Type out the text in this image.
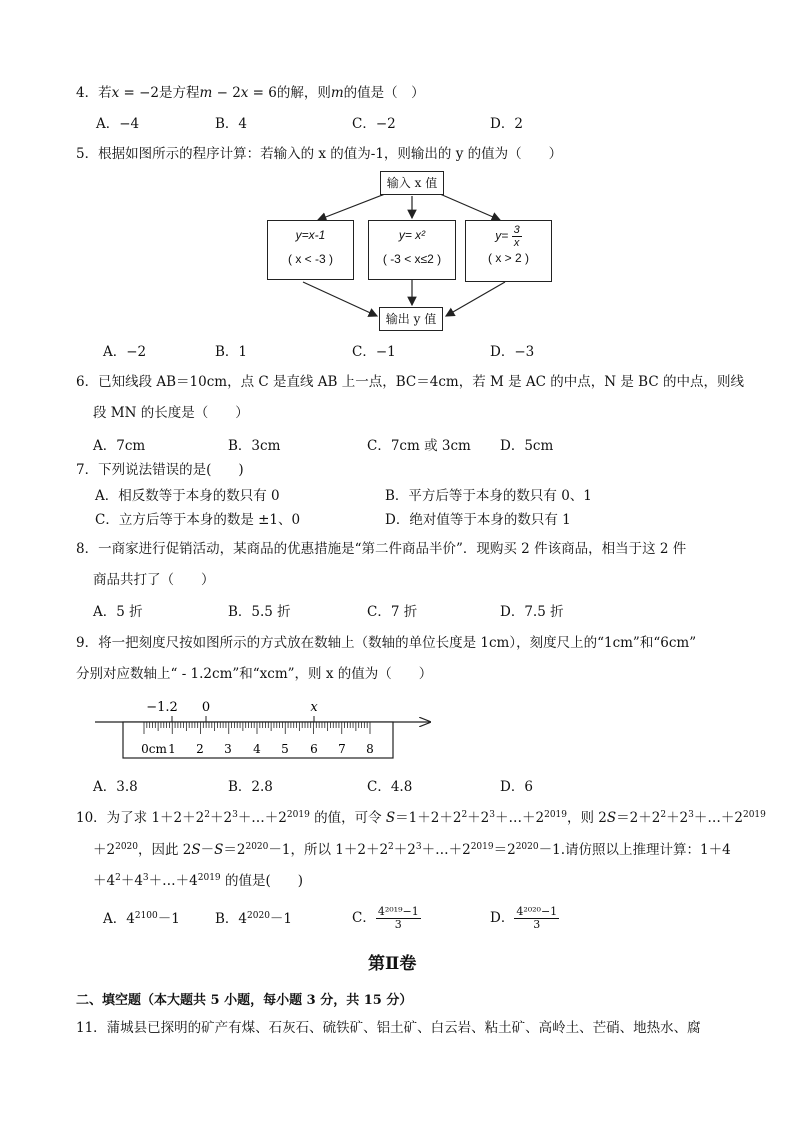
4．若𝑥 = −2是方程𝑚 − 2𝑥 = 6的解，则𝑚的值是（　）
A．−4	B．4	C．−2	D．2
5．根据如图所示的程序计算：若输入的 x 的值为-1，则输出的 y 的值为（　　）
输入 x 值
y=x-1
( x < -3 )
y= x²
( -3 < x≤2 )
$y= \frac{3}{x}$
( x > 2 )
输出 y 值
A．−2	B．1	C．−1	D．−3
6．已知线段 AB＝10cm，点 C 是直线 AB 上一点，BC＝4cm，若 M 是 AC 的中点，N 是 BC 的中点，则线
段 MN 的长度是（　　）
A．7cm	B．3cm	C．7cm 或 3cm D．5cm
7．下列说法错误的是(　　)
A．相反数等于本身的数只有 0	B．平方后等于本身的数只有 0、1
C．立方后等于本身的数是 ±1、0	D．绝对值等于本身的数只有 1
8．一商家进行促销活动，某商品的优惠措施是“第二件商品半价”．现购买 2 件该商品，相当于这 2 件
商品共打了（　　）
A．5 折	B．5.5 折	C．7 折	D．7.5 折
9．将一把刻度尺按如图所示的方式放在数轴上（数轴的单位长度是 1cm），刻度尺上的“1cm”和“6cm”
分别对应数轴上“ - 1.2cm”和“xcm”，则 x 的值为（　　）
−1.2 0	x
0cm 1 2 3 4 5 6 7 8
A．3.8	B．2.8	C．4.8	D．6
10．为了求 $1+2+2^2+2^3+\dots+2^{2019}$ 的值，可令 $S=1+2+2^2+2^3+\dots+2^{2019}$，则 $2S=2+2^2+2^3+\dots+2^{2019}$
$+2^{2020}$，因此 $2S-S=2^{2020}-1$，所以 $1+2+2^2+2^3+\dots+2^{2019}=2^{2020}-1$.请仿照以上推理计算：1＋4
$+4^2+4^3+\dots+4^{2019}$ 的值是(　　)
A．$4^{2100}-1$	B．$4^{2020}-1$	C． $\frac{\text{4²⁰¹⁹−1}}{3}$	D． $\frac{\text{4²⁰²⁰−1}}{3}$
第Ⅱ卷
二、填空题（本大题共 5 小题，每小题 3 分，共 15 分）
11．蒲城县已探明的矿产有煤、石灰石、硫铁矿、铝土矿、白云岩、粘土矿、高岭土、芒硝、地热水、腐
